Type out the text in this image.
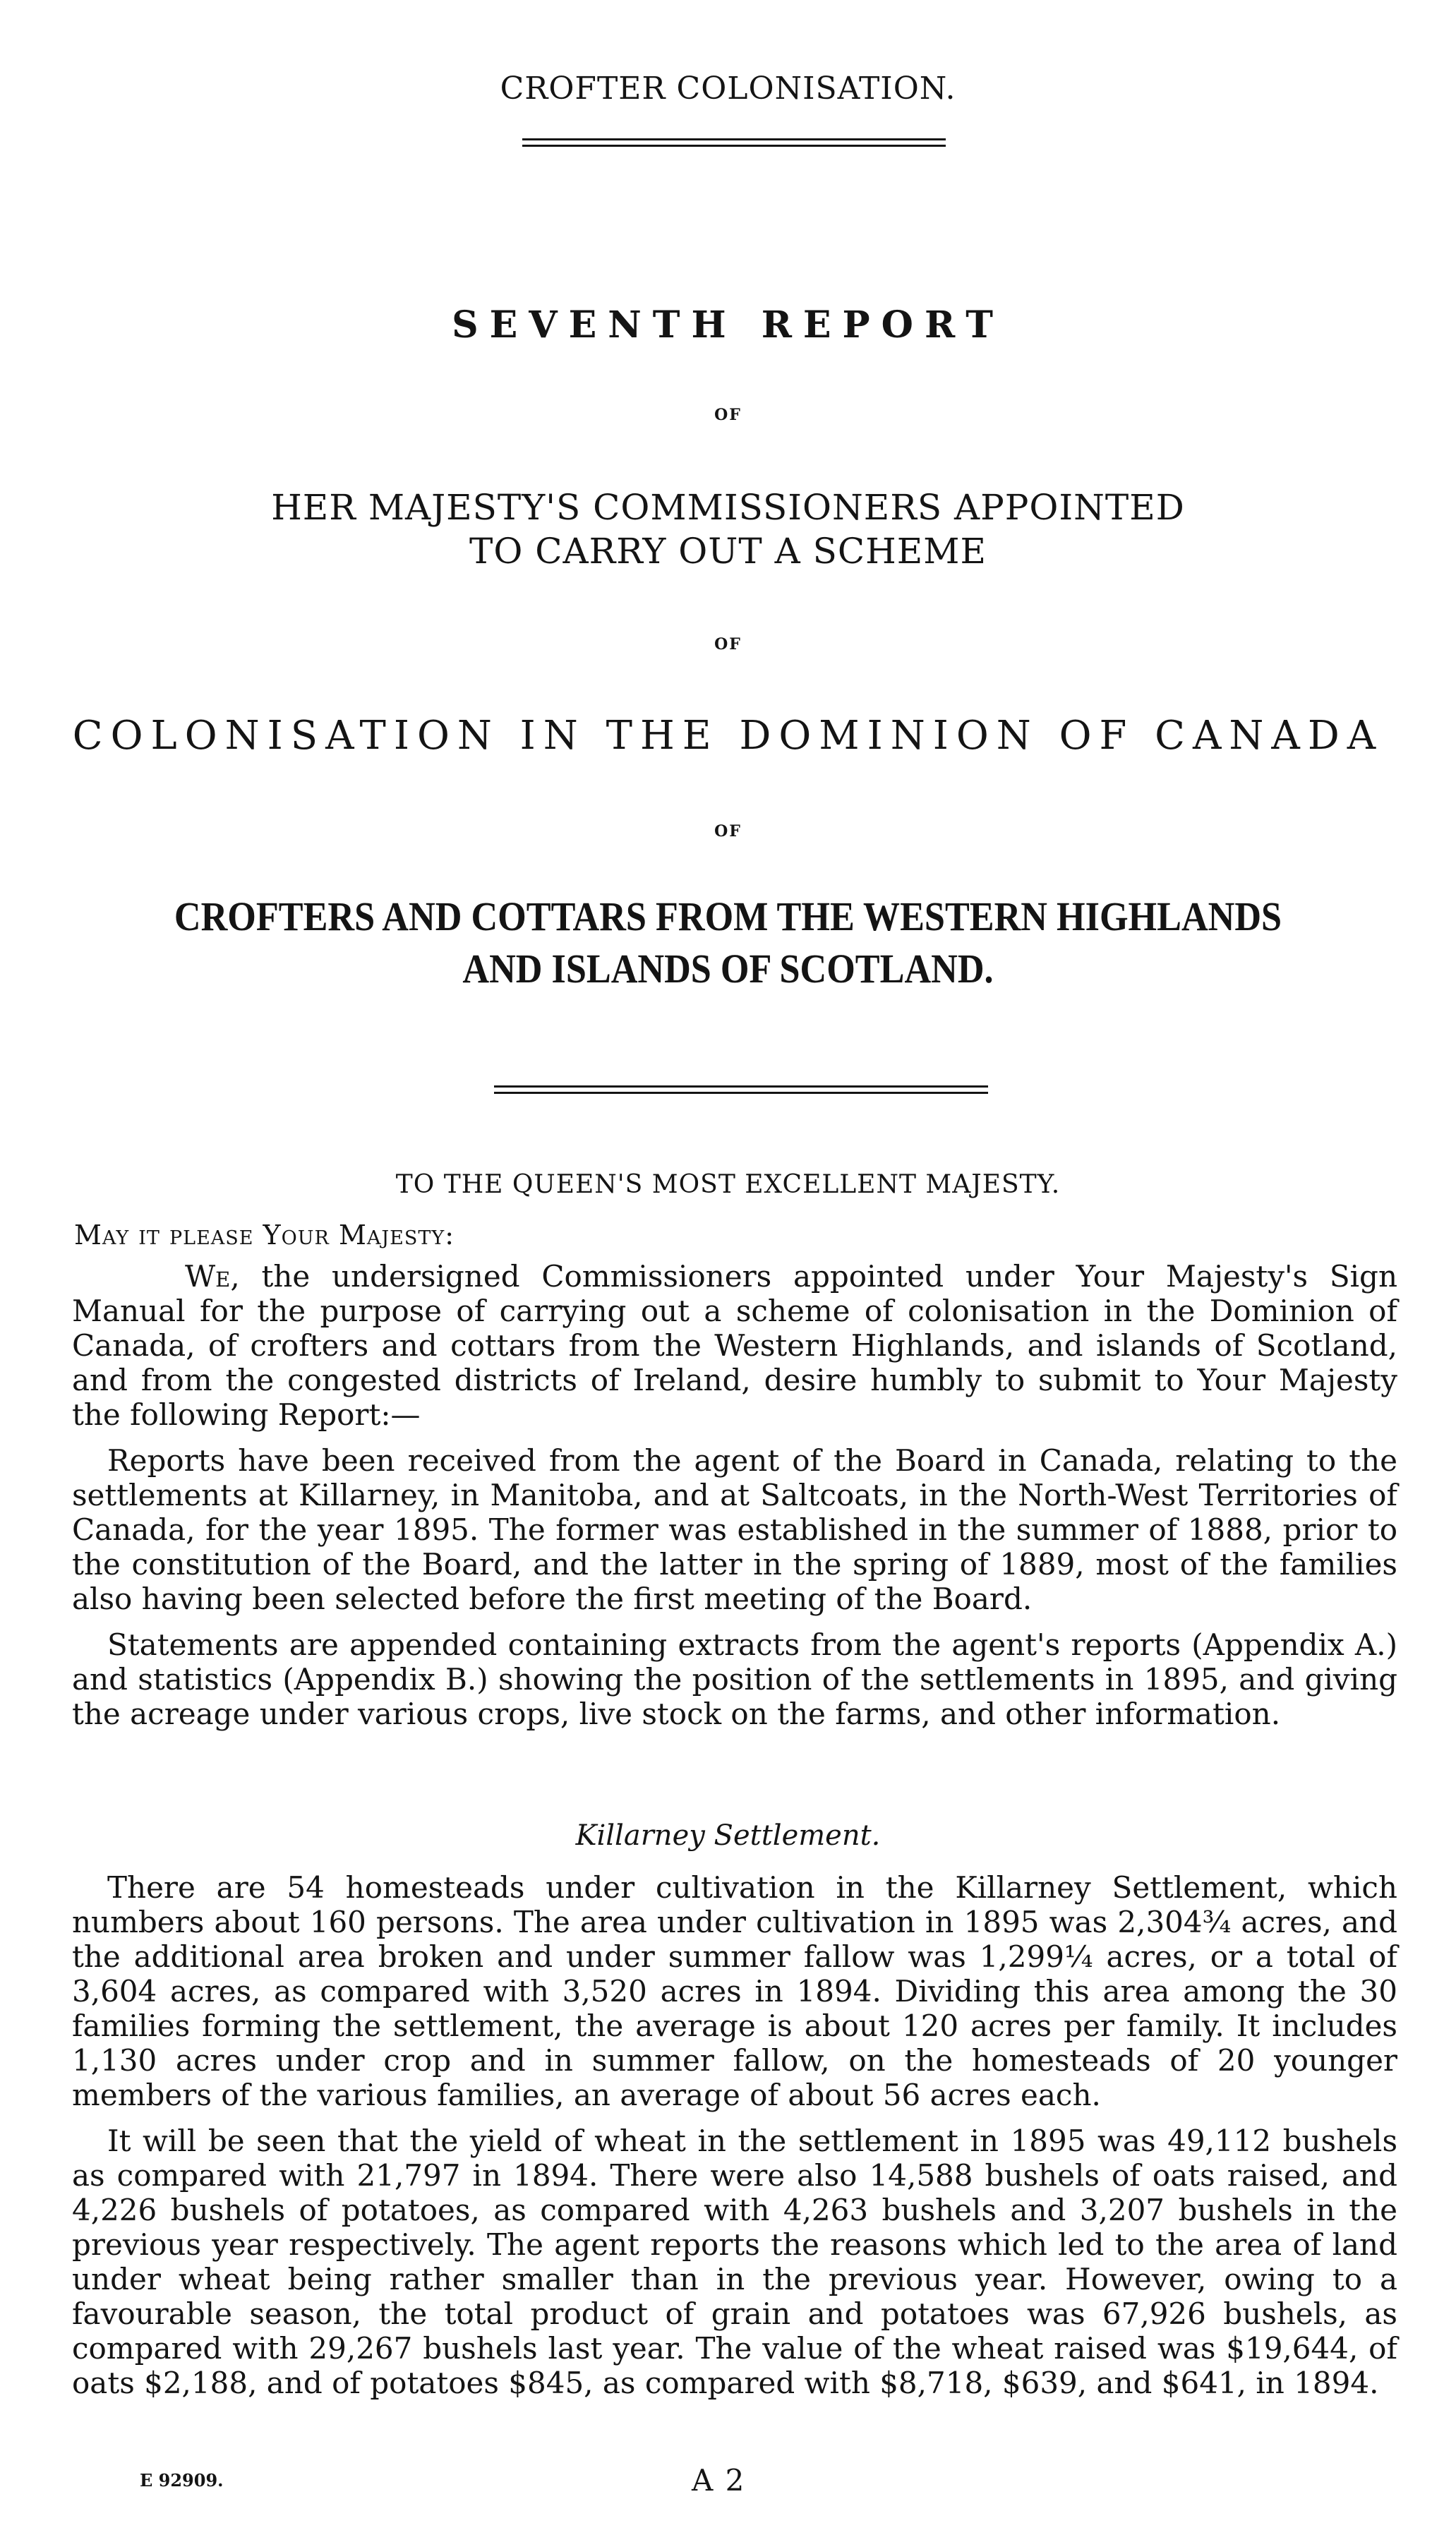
CROFTER COLONISATION.
SEVENTH REPORT
OF
HER MAJESTY'S COMMISSIONERS APPOINTED
TO CARRY OUT A SCHEME
OF
COLONISATION IN THE DOMINION OF CANADA
OF
CROFTERS AND COTTARS FROM THE WESTERN HIGHLANDS
AND ISLANDS OF SCOTLAND.
TO THE QUEEN'S MOST EXCELLENT MAJESTY.
May it please Your Majesty:

We, the undersigned Commissioners appointed under Your Majesty's Sign Manual for the purpose of carrying out a scheme of colonisation in the Dominion of Canada, of crofters and cottars from the Western Highlands, and islands of Scotland, and from the congested districts of Ireland, desire humbly to submit to Your Majesty the following Report:—

Reports have been received from the agent of the Board in Canada, relating to the settlements at Killarney, in Manitoba, and at Saltcoats, in the North-West Territories of Canada, for the year 1895. The former was established in the summer of 1888, prior to the constitution of the Board, and the latter in the spring of 1889, most of the families also having been selected before the first meeting of the Board.

Statements are appended containing extracts from the agent's reports (Appendix A.) and statistics (Appendix B.) showing the position of the settlements in 1895, and giving the acreage under various crops, live stock on the farms, and other information.

Killarney Settlement.

There are 54 homesteads under cultivation in the Killarney Settlement, which numbers about 160 persons. The area under cultivation in 1895 was 2,304¾ acres, and the additional area broken and under summer fallow was 1,299¼ acres, or a total of 3,604 acres, as compared with 3,520 acres in 1894. Dividing this area among the 30 families forming the settlement, the average is about 120 acres per family. It includes 1,130 acres under crop and in summer fallow, on the homesteads of 20 younger members of the various families, an average of about 56 acres each.

It will be seen that the yield of wheat in the settlement in 1895 was 49,112 bushels as compared with 21,797 in 1894. There were also 14,588 bushels of oats raised, and 4,226 bushels of potatoes, as compared with 4,263 bushels and 3,207 bushels in the previous year respectively. The agent reports the reasons which led to the area of land under wheat being rather smaller than in the previous year. However, owing to a favourable season, the total product of grain and potatoes was 67,926 bushels, as compared with 29,267 bushels last year. The value of the wheat raised was $19,644, of oats $2,188, and of potatoes $845, as compared with $8,718, $639, and $641, in 1894.

E 92909.	A 2
